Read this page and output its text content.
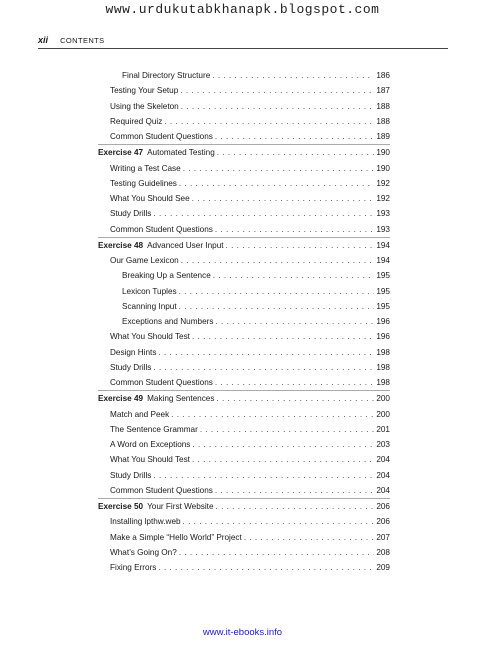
www.urdukutabkhanapk.blogspot.com
xii CONTENTS
Final Directory Structure . . .	186
Testing Your Setup . . .	187
Using the Skeleton . . .	188
Required Quiz . . .	188
Common Student Questions . . .	189
Exercise 47 Automated Testing . . .	190
Writing a Test Case . . .	190
Testing Guidelines . . .	192
What You Should See . . .	192
Study Drills . . .	193
Common Student Questions . . .	193
Exercise 48 Advanced User Input . . .	194
Our Game Lexicon . . .	194
Breaking Up a Sentence . . .	195
Lexicon Tuples . . .	195
Scanning Input . . .	195
Exceptions and Numbers . . .	196
What You Should Test . . .	196
Design Hints . . .	198
Study Drills . . .	198
Common Student Questions . . .	198
Exercise 49 Making Sentences . . .	200
Match and Peek . . .	200
The Sentence Grammar . . .	201
A Word on Exceptions . . .	203
What You Should Test . . .	204
Study Drills . . .	204
Common Student Questions . . .	204
Exercise 50 Your First Website . . .	206
Installing lpthw.web . . .	206
Make a Simple “Hello World” Project . . .	207
What’s Going On? . . .	208
Fixing Errors . . .	209
www.it-ebooks.info
